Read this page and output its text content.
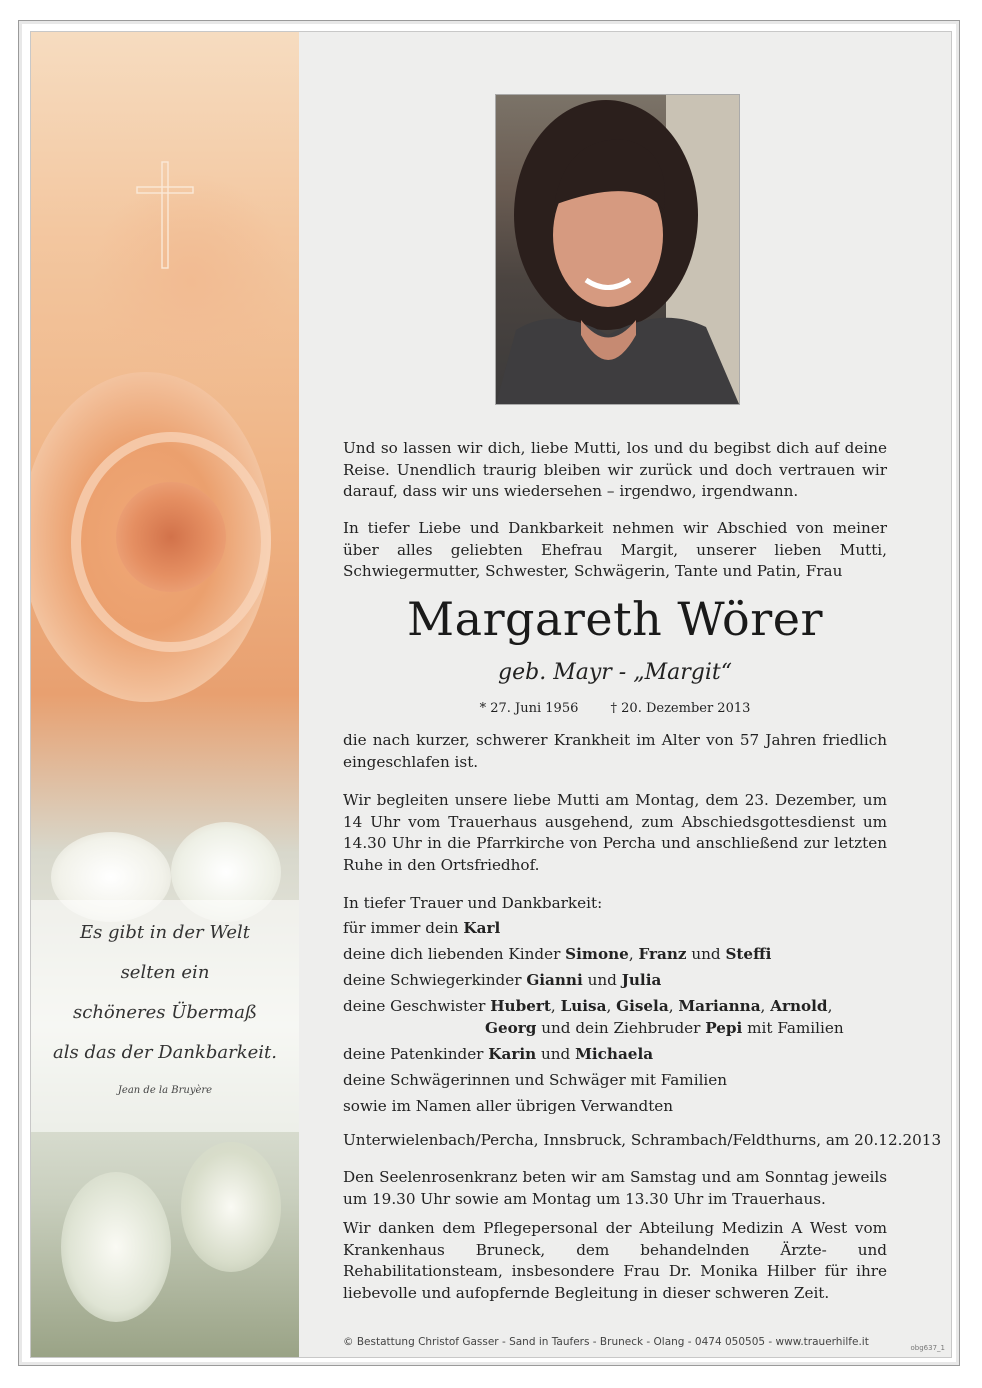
Es gibt in der Welt
selten ein
schöneres Übermaß
als das der Dankbarkeit.
Jean de la Bruyère
Und so lassen wir dich, liebe Mutti, los und du begibst dich auf deine Reise. Unendlich traurig bleiben wir zurück und doch vertrauen wir darauf, dass wir uns wiedersehen – irgendwo, irgendwann.
In tiefer Liebe und Dankbarkeit nehmen wir Abschied von meiner über alles geliebten Ehefrau Margit, unserer lieben Mutti, Schwiegermutter, Schwester, Schwägerin, Tante und Patin, Frau
Margareth Wörer
geb. Mayr - „Margit“
* 27. Juni 1956 † 20. Dezember 2013
die nach kurzer, schwerer Krankheit im Alter von 57 Jahren friedlich eingeschlafen ist.
Wir begleiten unsere liebe Mutti am Montag, dem 23. Dezember, um 14 Uhr vom Trauerhaus ausgehend, zum Abschiedsgottesdienst um 14.30 Uhr in die Pfarrkirche von Percha und anschließend zur letzten Ruhe in den Ortsfriedhof.
In tiefer Trauer und Dankbarkeit:
für immer dein Karl
deine dich liebenden Kinder Simone, Franz und Steffi
deine Schwiegerkinder Gianni und Julia
deine Geschwister Hubert, Luisa, Gisela, Marianna, Arnold,
Georg und dein Ziehbruder Pepi mit Familien
deine Patenkinder Karin und Michaela
deine Schwägerinnen und Schwäger mit Familien
sowie im Namen aller übrigen Verwandten
Unterwielenbach/Percha, Innsbruck, Schrambach/Feldthurns, am 20.12.2013
Den Seelenrosenkranz beten wir am Samstag und am Sonntag jeweils um 19.30 Uhr sowie am Montag um 13.30 Uhr im Trauerhaus.
Wir danken dem Pflegepersonal der Abteilung Medizin A West vom Krankenhaus Bruneck, dem behandelnden Ärzte- und Rehabilitationsteam, insbesondere Frau Dr. Monika Hilber für ihre liebevolle und aufopfernde Begleitung in dieser schweren Zeit.
© Bestattung Christof Gasser - Sand in Taufers - Bruneck - Olang - 0474 050505 - www.trauerhilfe.it	obg637_1
